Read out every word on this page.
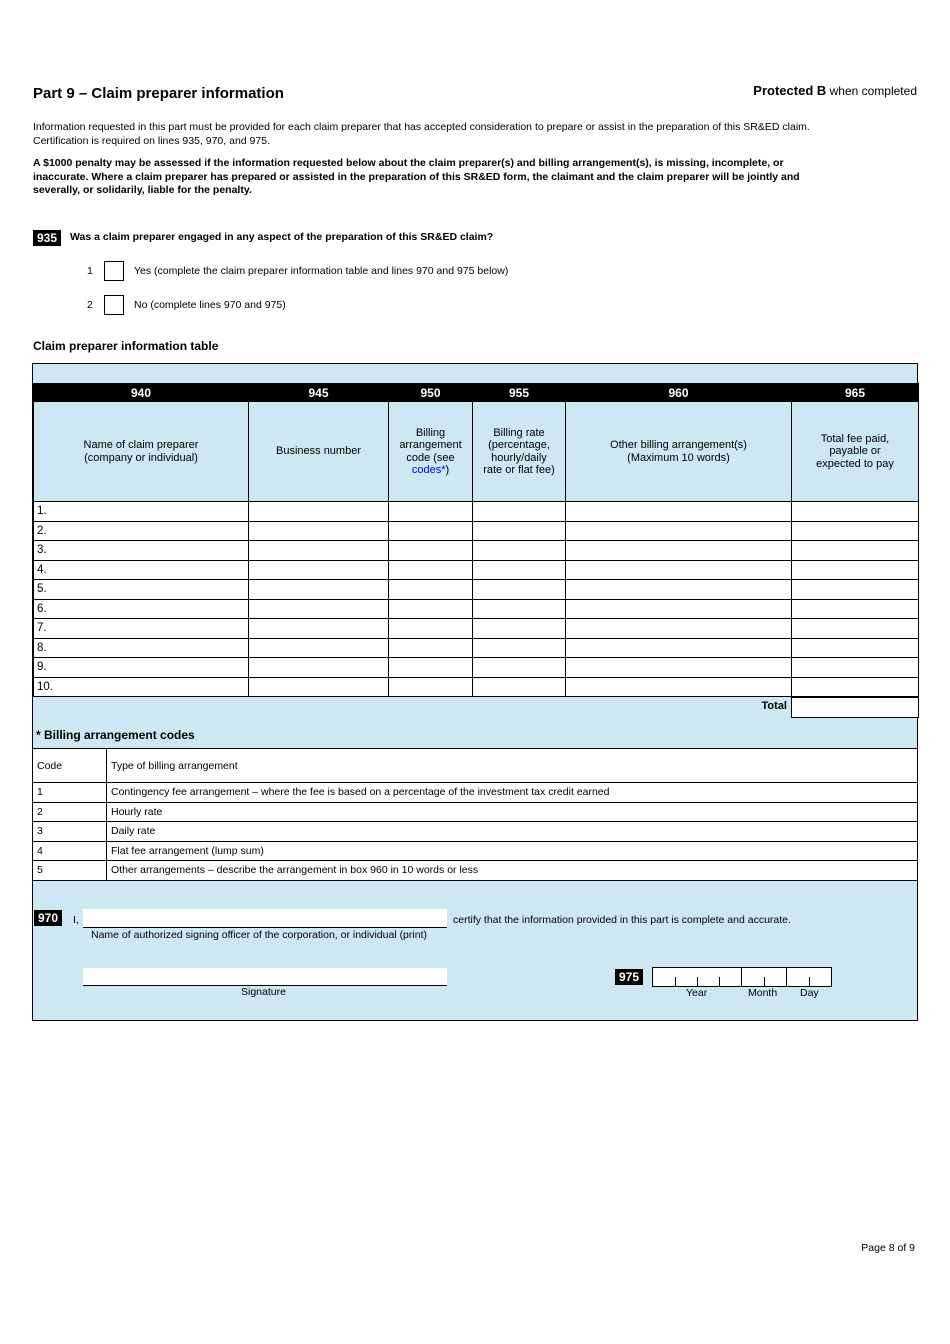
Part 9 – Claim preparer information	Protected B when completed
Information requested in this part must be provided for each claim preparer that has accepted consideration to prepare or assist in the preparation of this SR&ED claim.
Certification is required on lines 935, 970, and 975.
A $1000 penalty may be assessed if the information requested below about the claim preparer(s) and billing arrangement(s), is missing, incomplete, or inaccurate. Where a claim preparer has prepared or assisted in the preparation of this SR&ED form, the claimant and the claim preparer will be jointly and severally, or solidarily, liable for the penalty.
935	Was a claim preparer engaged in any aspect of the preparation of this SR&ED claim?
1	Yes (complete the claim preparer information table and lines 970 and 975 below)
2	No (complete lines 970 and 975)
Claim preparer information table
940	945	950	955	960	965
Name of claim preparer (company or individual)	Business number	Billing arrangement code (see codes*)	Billing rate (percentage, hourly/daily rate or flat fee)	Other billing arrangement(s) (Maximum 10 words)	Total fee paid, payable or expected to pay
1.					
2.					
3.					
4.					
5.					
6.					
7.					
8.					
9.					
10.					
Total
* Billing arrangement codes
Code	Type of billing arrangement
1	Contingency fee arrangement – where the fee is based on a percentage of the investment tax credit earned
2	Hourly rate
3	Daily rate
4	Flat fee arrangement (lump sum)
5	Other arrangements – describe the arrangement in box 960 in 10 words or less
970	I,
Name of authorized signing officer of the corporation, or individual (print)
certify that the information provided in this part is complete and accurate.
Signature
975
Year	Month Day
Page 8 of 9
